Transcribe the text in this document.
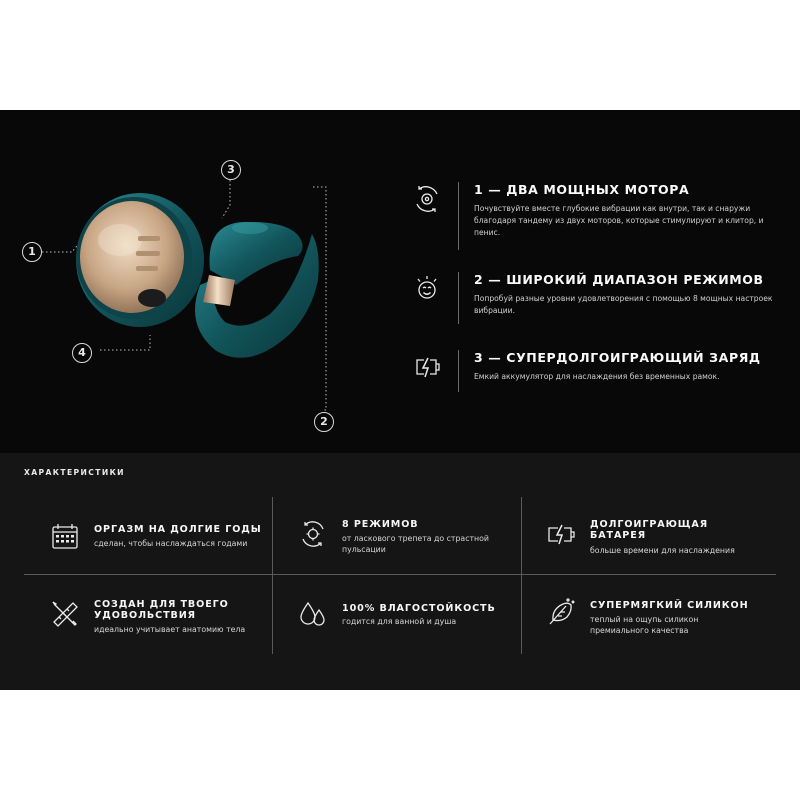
1
2
3
4
1 — ДВА МОЩНЫХ МОТОРА
Почувствуйте вместе глубокие вибрации как внутри, так и снаружи благодаря тандему из двух моторов, которые стимулируют и клитор, и пенис.
2 — ШИРОКИЙ ДИАПАЗОН РЕЖИМОВ
Попробуй разные уровни удовлетворения с помощью 8 мощных настроек вибрации.
3 — СУПЕРДОЛГОИГРАЮЩИЙ ЗАРЯД
Емкий аккумулятор для наслаждения без временных рамок.
ХАРАКТЕРИСТИКИ
ОРГАЗМ НА ДОЛГИЕ ГОДЫ
сделан, чтобы наслаждаться годами
8 РЕЖИМОВ
от ласкового трепета до страстной пульсации
ДОЛГОИГРАЮЩАЯ БАТАРЕЯ
больше времени для наслаждения
СОЗДАН ДЛЯ ТВОЕГО УДОВОЛЬСТВИЯ
идеально учитывает анатомию тела
100% ВЛАГОСТОЙКОСТЬ
годится для ванной и душа
СУПЕРМЯГКИЙ СИЛИКОН
теплый на ощупь силикон премиального качества
